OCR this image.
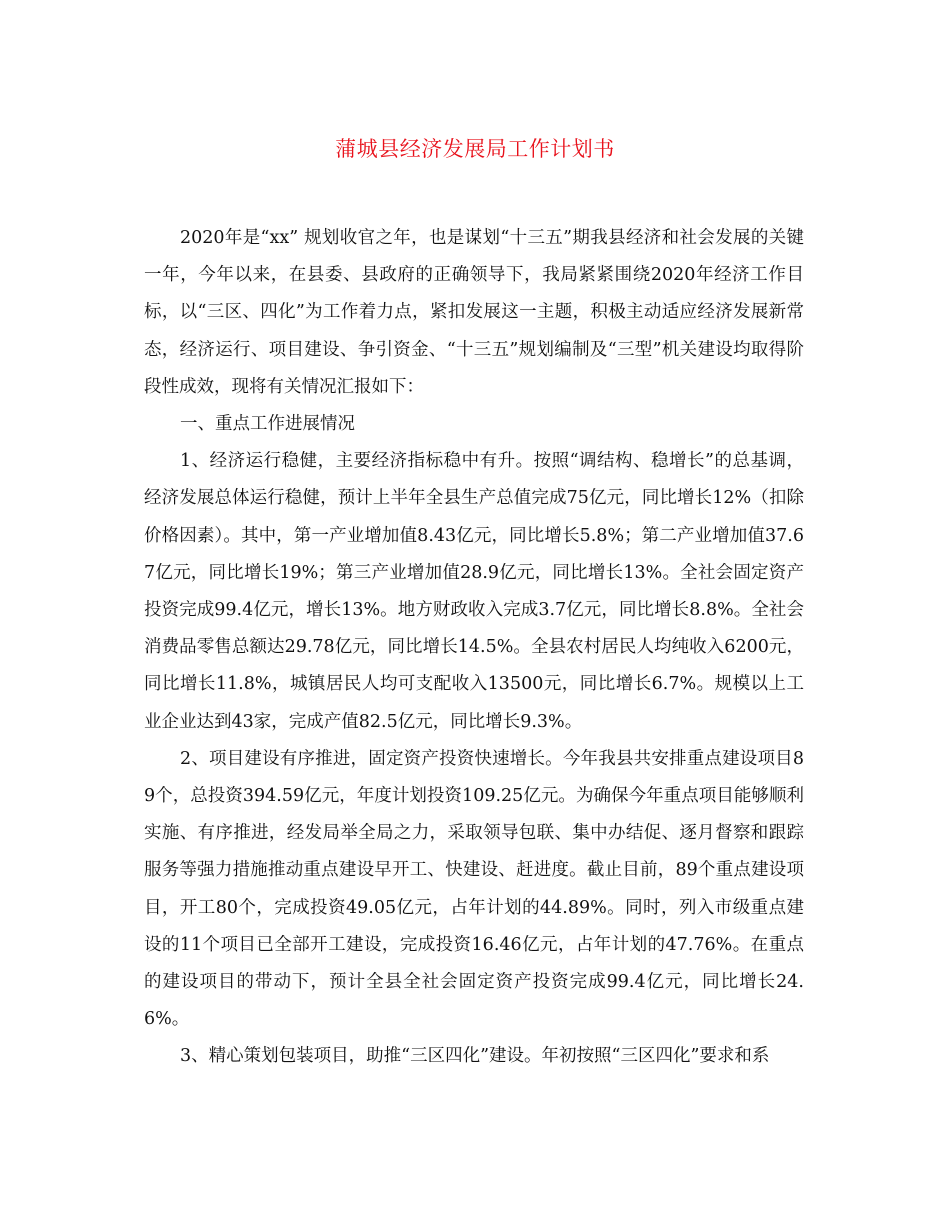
蒲城县经济发展局工作计划书

2020年是“xx” 规划收官之年，也是谋划“十三五”期我县经济和社会发展的关键一年，今年以来，在县委、县政府的正确领导下，我局紧紧围绕2020年经济工作目标，以“三区、四化”为工作着力点，紧扣发展这一主题，积极主动适应经济发展新常态，经济运行、项目建设、争引资金、“十三五”规划编制及“三型”机关建设均取得阶段性成效，现将有关情况汇报如下：

一、重点工作进展情况

1、经济运行稳健，主要经济指标稳中有升。按照“调结构、稳增长”的总基调，经济发展总体运行稳健，预计上半年全县生产总值完成75亿元，同比增长12%（扣除价格因素）。其中，第一产业增加值8.43亿元，同比增长5.8%；第二产业增加值37.67亿元，同比增长19%；第三产业增加值28.9亿元，同比增长13%。全社会固定资产投资完成99.4亿元，增长13%。地方财政收入完成3.7亿元，同比增长8.8%。全社会消费品零售总额达29.78亿元，同比增长14.5%。全县农村居民人均纯收入6200元，同比增长11.8%，城镇居民人均可支配收入13500元，同比增长6.7%。规模以上工业企业达到43家，完成产值82.5亿元，同比增长9.3%。

2、项目建设有序推进，固定资产投资快速增长。今年我县共安排重点建设项目89个，总投资394.59亿元，年度计划投资109.25亿元。为确保今年重点项目能够顺利实施、有序推进，经发局举全局之力，采取领导包联、集中办结促、逐月督察和跟踪服务等强力措施推动重点建设早开工、快建设、赶进度。截止目前，89个重点建设项目，开工80个，完成投资49.05亿元，占年计划的44.89%。同时，列入市级重点建设的11个项目已全部开工建设，完成投资16.46亿元，占年计划的47.76%。在重点的建设项目的带动下，预计全县全社会固定资产投资完成99.4亿元，同比增长24.6%。

3、精心策划包装项目，助推“三区四化”建设。年初按照“三区四化”要求和系
